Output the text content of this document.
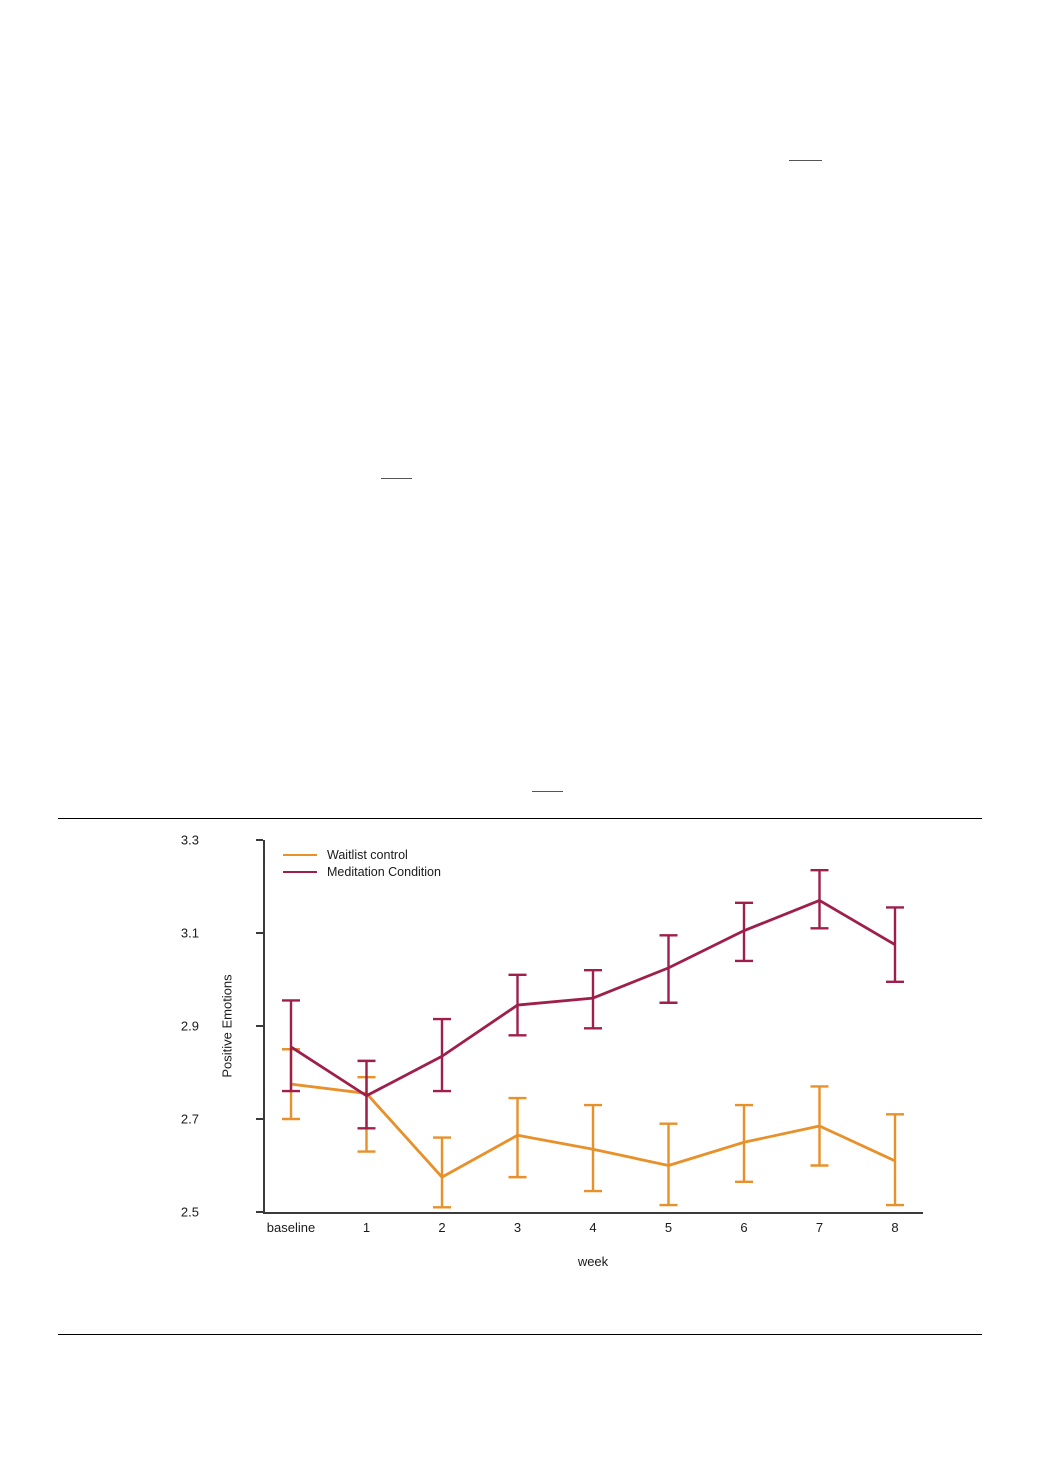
2.5
2.7
2.9
3.1
3.3
baseline	1	2	3	4	5	6	7	8
Waitlist control
Meditation Condition
week
Positive Emotions
